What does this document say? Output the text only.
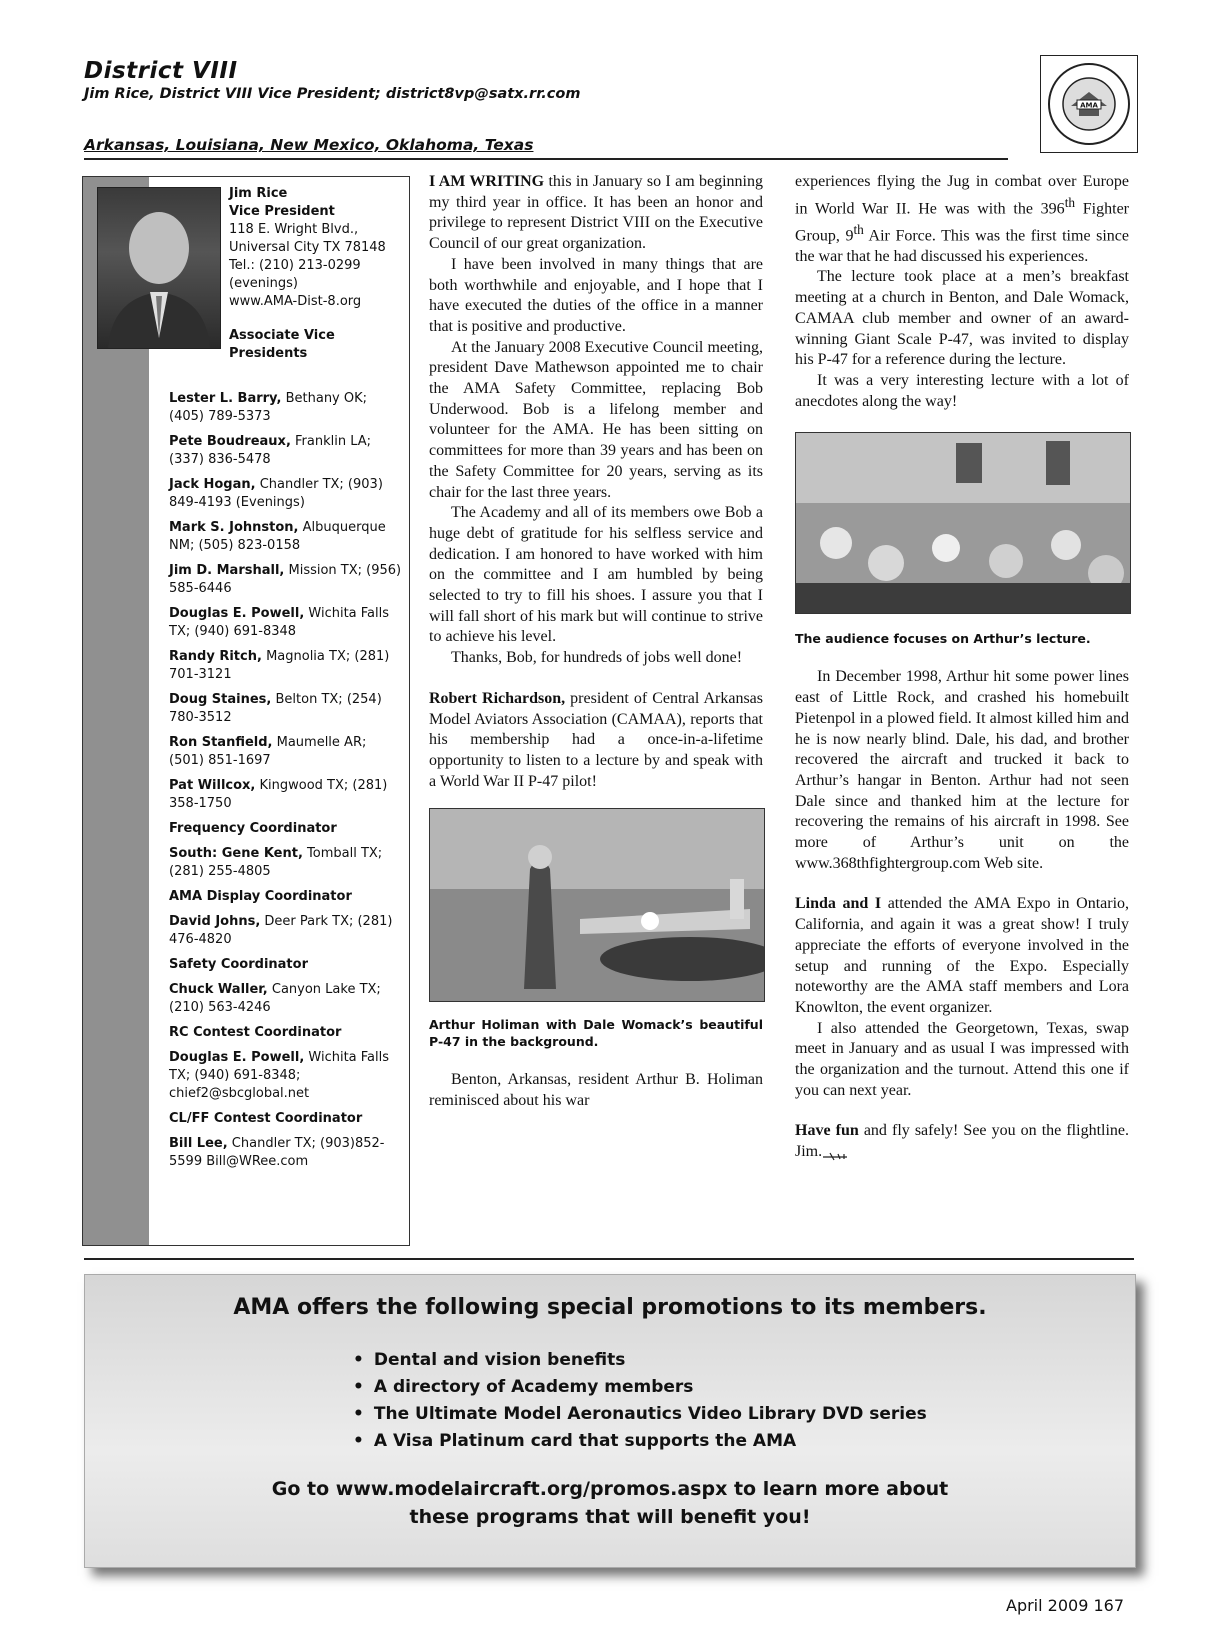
District VIII
Jim Rice, District VIII Vice President; district8vp@satx.rr.com
Arkansas, Louisiana, New Mexico, Oklahoma, Texas
AMA
Jim Rice
Vice President
118 E. Wright Blvd.,
Universal City TX 78148
Tel.: (210) 213-0299
(evenings)
www.AMA-Dist-8.org
Associate Vice
Presidents
Lester L. Barry, Bethany OK; (405) 789-5373
Pete Boudreaux, Franklin LA; (337) 836-5478
Jack Hogan, Chandler TX; (903) 849-4193 (Evenings)
Mark S. Johnston, Albuquerque NM; (505) 823-0158
Jim D. Marshall, Mission TX; (956) 585-6446
Douglas E. Powell, Wichita Falls TX; (940) 691-8348
Randy Ritch, Magnolia TX; (281) 701-3121
Doug Staines, Belton TX; (254) 780-3512
Ron Stanfield, Maumelle AR; (501) 851-1697
Pat Willcox, Kingwood TX; (281) 358-1750
Frequency Coordinator
South: Gene Kent, Tomball TX; (281) 255-4805
AMA Display Coordinator
David Johns, Deer Park TX; (281) 476-4820
Safety Coordinator
Chuck Waller, Canyon Lake TX; (210) 563-4246
RC Contest Coordinator
Douglas E. Powell, Wichita Falls TX; (940) 691-8348; chief2@sbcglobal.net
CL/FF Contest Coordinator
Bill Lee, Chandler TX; (903)852-5599 Bill@WRee.com
District VIII Volunteers

I AM WRITING this in January so I am beginning my third year in office. It has been an honor and privilege to represent District VIII on the Executive Council of our great organization.

I have been involved in many things that are both worthwhile and enjoyable, and I hope that I have executed the duties of the office in a manner that is positive and productive.

At the January 2008 Executive Council meeting, president Dave Mathewson appointed me to chair the AMA Safety Committee, replacing Bob Underwood. Bob is a lifelong member and volunteer for the AMA. He has been sitting on committees for more than 39 years and has been on the Safety Committee for 20 years, serving as its chair for the last three years.

The Academy and all of its members owe Bob a huge debt of gratitude for his selfless service and dedication. I am honored to have worked with him on the committee and I am humbled by being selected to try to fill his shoes. I assure you that I will fall short of his mark but will continue to strive to achieve his level.

Thanks, Bob, for hundreds of jobs well done!

Robert Richardson, president of Central Arkansas Model Aviators Association (CAMAA), reports that his membership had a once-in-a-lifetime opportunity to listen to a lecture by and speak with a World War II P-47 pilot!

Arthur Holiman with Dale Womack’s beautiful P-47 in the background.

Benton, Arkansas, resident Arthur B. Holiman reminisced about his war

experiences flying the Jug in combat over Europe in World War II. He was with the 396th Fighter Group, 9th Air Force. This was the first time since the war that he had discussed his experiences.

The lecture took place at a men’s breakfast meeting at a church in Benton, and Dale Womack, CAMAA club member and owner of an award-winning Giant Scale P-47, was invited to display his P-47 for a reference during the lecture.

It was a very interesting lecture with a lot of anecdotes along the way!

The audience focuses on Arthur’s lecture.

In December 1998, Arthur hit some power lines east of Little Rock, and crashed his homebuilt Pietenpol in a plowed field. It almost killed him and he is now nearly blind. Dale, his dad, and brother recovered the aircraft and trucked it back to Arthur’s hangar in Benton. Arthur had not seen Dale since and thanked him at the lecture for recovering the remains of his aircraft in 1998. See more of Arthur’s unit on the www.368thfightergroup.com Web site.

Linda and I attended the AMA Expo in Ontario, California, and again it was a great show! I truly appreciate the efforts of everyone involved in the setup and running of the Expo. Especially noteworthy are the AMA staff members and Lora Knowlton, the event organizer.

I also attended the Georgetown, Texas, swap meet in January and as usual I was impressed with the organization and the turnout. Attend this one if you can next year.

Have fun and fly safely! See you on the flightline. Jim.

AMA offers the following special promotions to its members.
• Dental and vision benefits
• A directory of Academy members
• The Ultimate Model Aeronautics Video Library DVD series
• A Visa Platinum card that supports the AMA
Go to www.modelaircraft.org/promos.aspx to learn more about
these programs that will benefit you!
April 2009 167
